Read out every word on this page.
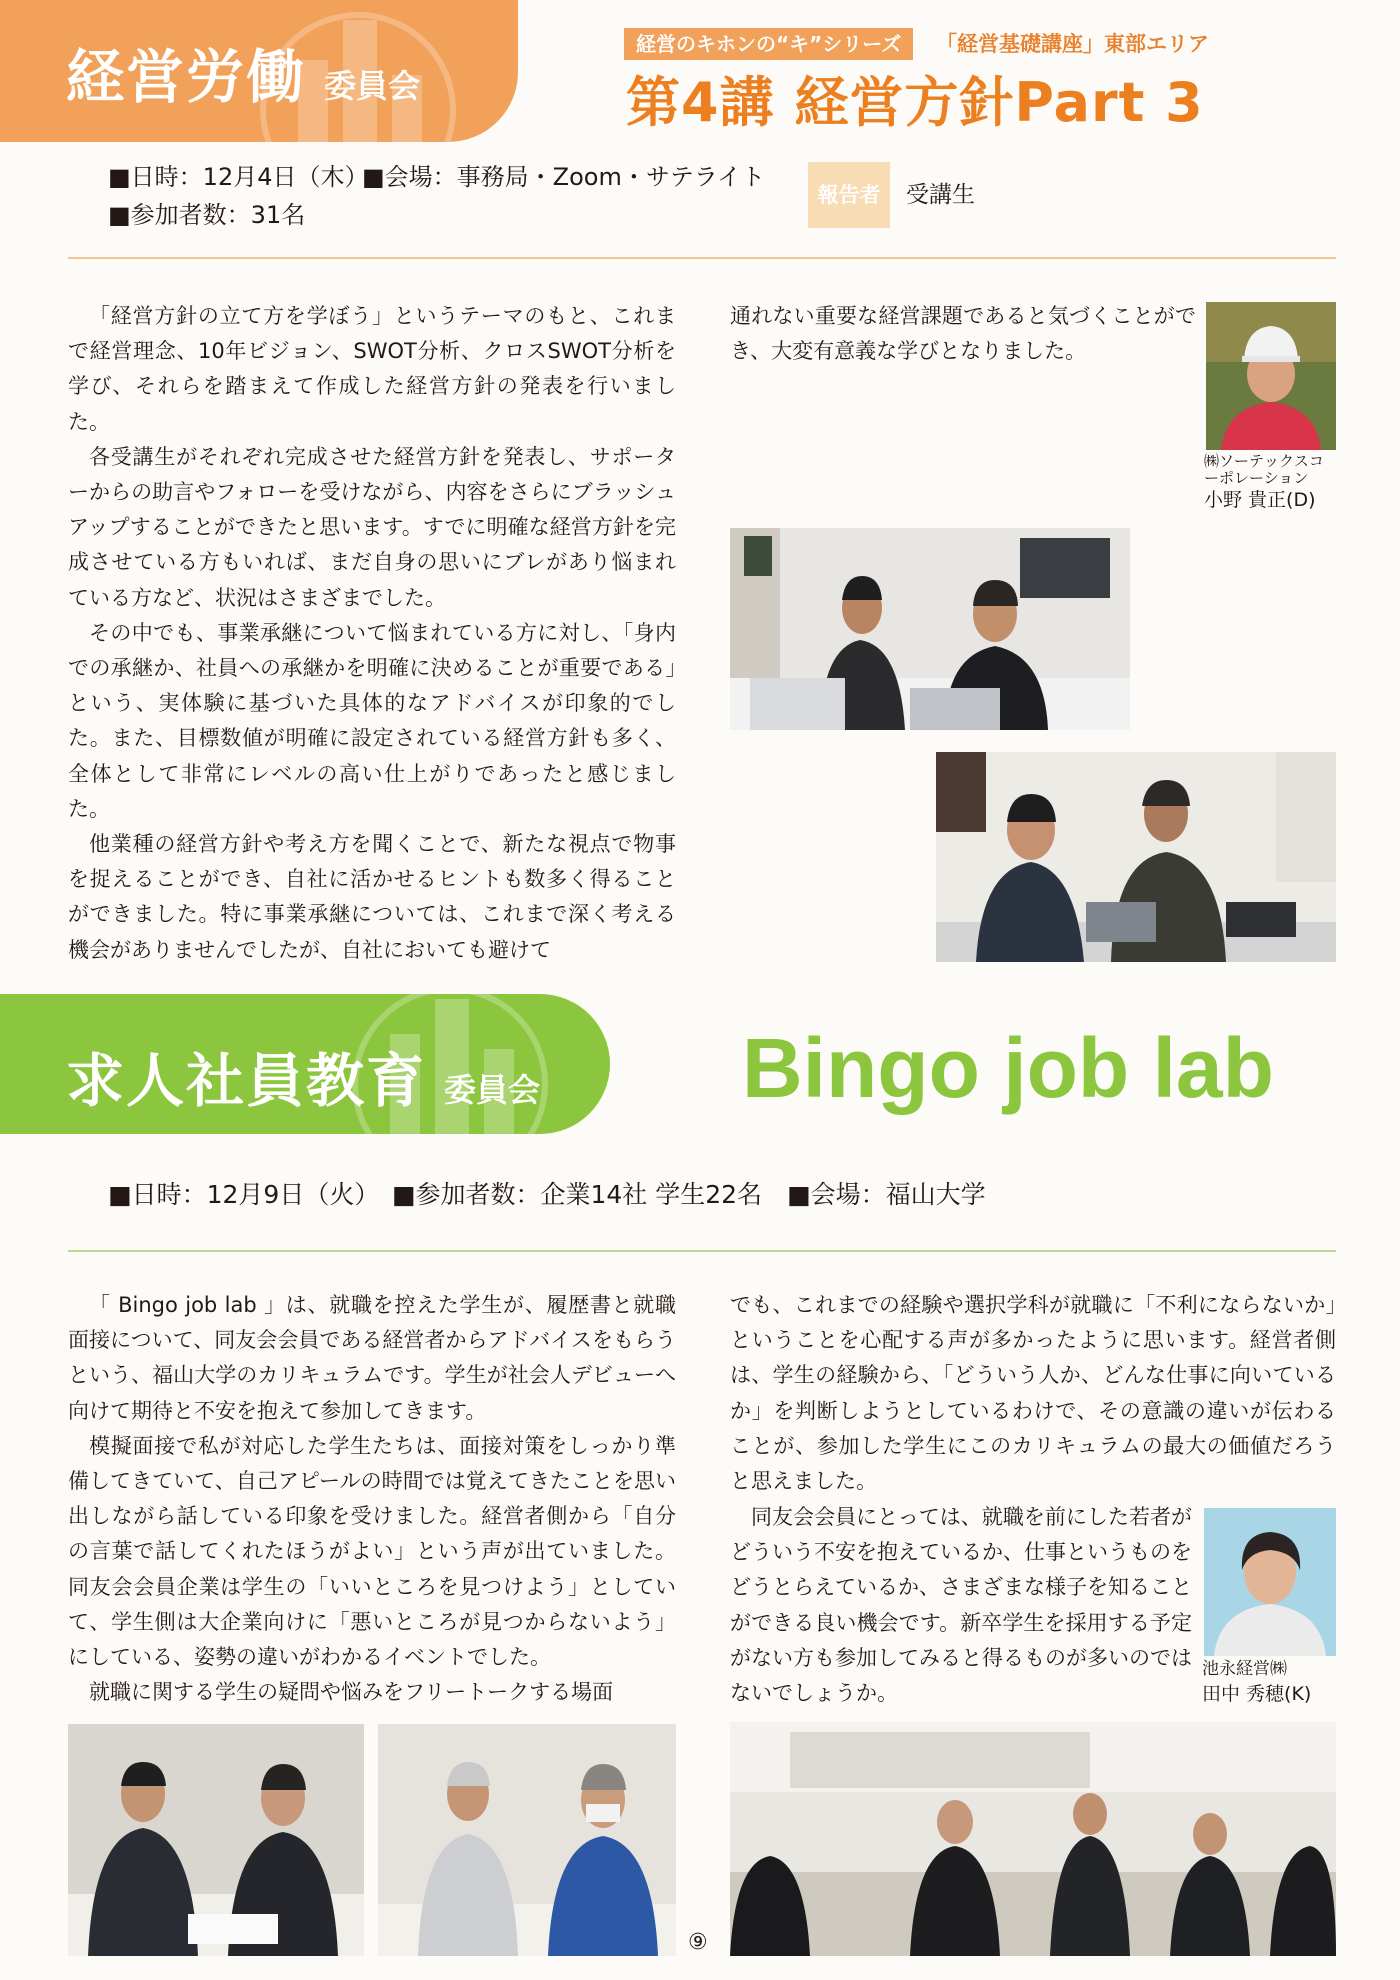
経営労働 委員会
経営のキホンの“キ”シリーズ	「経営基礎講座」東部エリア
第4講 経営方針Part 3
■日時：12月4日（木）
■会場：事務局・Zoom・サテライト
■参加者数：31名
報告者	受講生

「経営方針の立て方を学ぼう」というテーマのもと、これまで経営理念、10年ビジョン、SWOT分析、クロスSWOT分析を学び、それらを踏まえて作成した経営方針の発表を行いました。

各受講生がそれぞれ完成させた経営方針を発表し、サポーターからの助言やフォローを受けながら、内容をさらにブラッシュアップすることができたと思います。すでに明確な経営方針を完成させている方もいれば、まだ自身の思いにブレがあり悩まれている方など、状況はさまざまでした。

その中でも、事業承継について悩まれている方に対し、「身内での承継か、社員への承継かを明確に決めることが重要である」という、実体験に基づいた具体的なアドバイスが印象的でした。また、目標数値が明確に設定されている経営方針も多く、全体として非常にレベルの高い仕上がりであったと感じました。

他業種の経営方針や考え方を聞くことで、新たな視点で物事を捉えることができ、自社に活かせるヒントも数多く得ることができました。特に事業承継については、これまで深く考える機会がありませんでしたが、自社においても避けて

通れない重要な経営課題であると気づくことができ、大変有意義な学びとなりました。

㈱ソーテックスコーポレーション
小野 貴正(D)
求人社員教育 委員会 Bingo job lab
■日時：12月9日（火）　■参加者数：企業14社 学生22名　■会場：福山大学

「 Bingo job lab 」は、就職を控えた学生が、履歴書と就職面接について、同友会会員である経営者からアドバイスをもらうという、福山大学のカリキュラムです。学生が社会人デビューへ向けて期待と不安を抱えて参加してきます。

模擬面接で私が対応した学生たちは、面接対策をしっかり準備してきていて、自己アピールの時間では覚えてきたことを思い出しながら話している印象を受けました。経営者側から「自分の言葉で話してくれたほうがよい」という声が出ていました。同友会会員企業は学生の「いいところを見つけよう」としていて、学生側は大企業向けに「悪いところが見つからないよう」にしている、姿勢の違いがわかるイベントでした。

就職に関する学生の疑問や悩みをフリートークする場面

でも、これまでの経験や選択学科が就職に「不利にならないか」ということを心配する声が多かったように思います。経営者側は、学生の経験から、「どういう人か、どんな仕事に向いているか」を判断しようとしているわけで、その意識の違いが伝わることが、参加した学生にこのカリキュラムの最大の価値だろうと思えました。

同友会会員にとっては、就職を前にした若者がどういう不安を抱えているか、仕事というものをどうとらえているか、さまざまな様子を知ることができる良い機会です。新卒学生を採用する予定がない方も参加してみると得るものが多いのではないでしょうか。

池永経営㈱
田中 秀穂(K)
⑨
